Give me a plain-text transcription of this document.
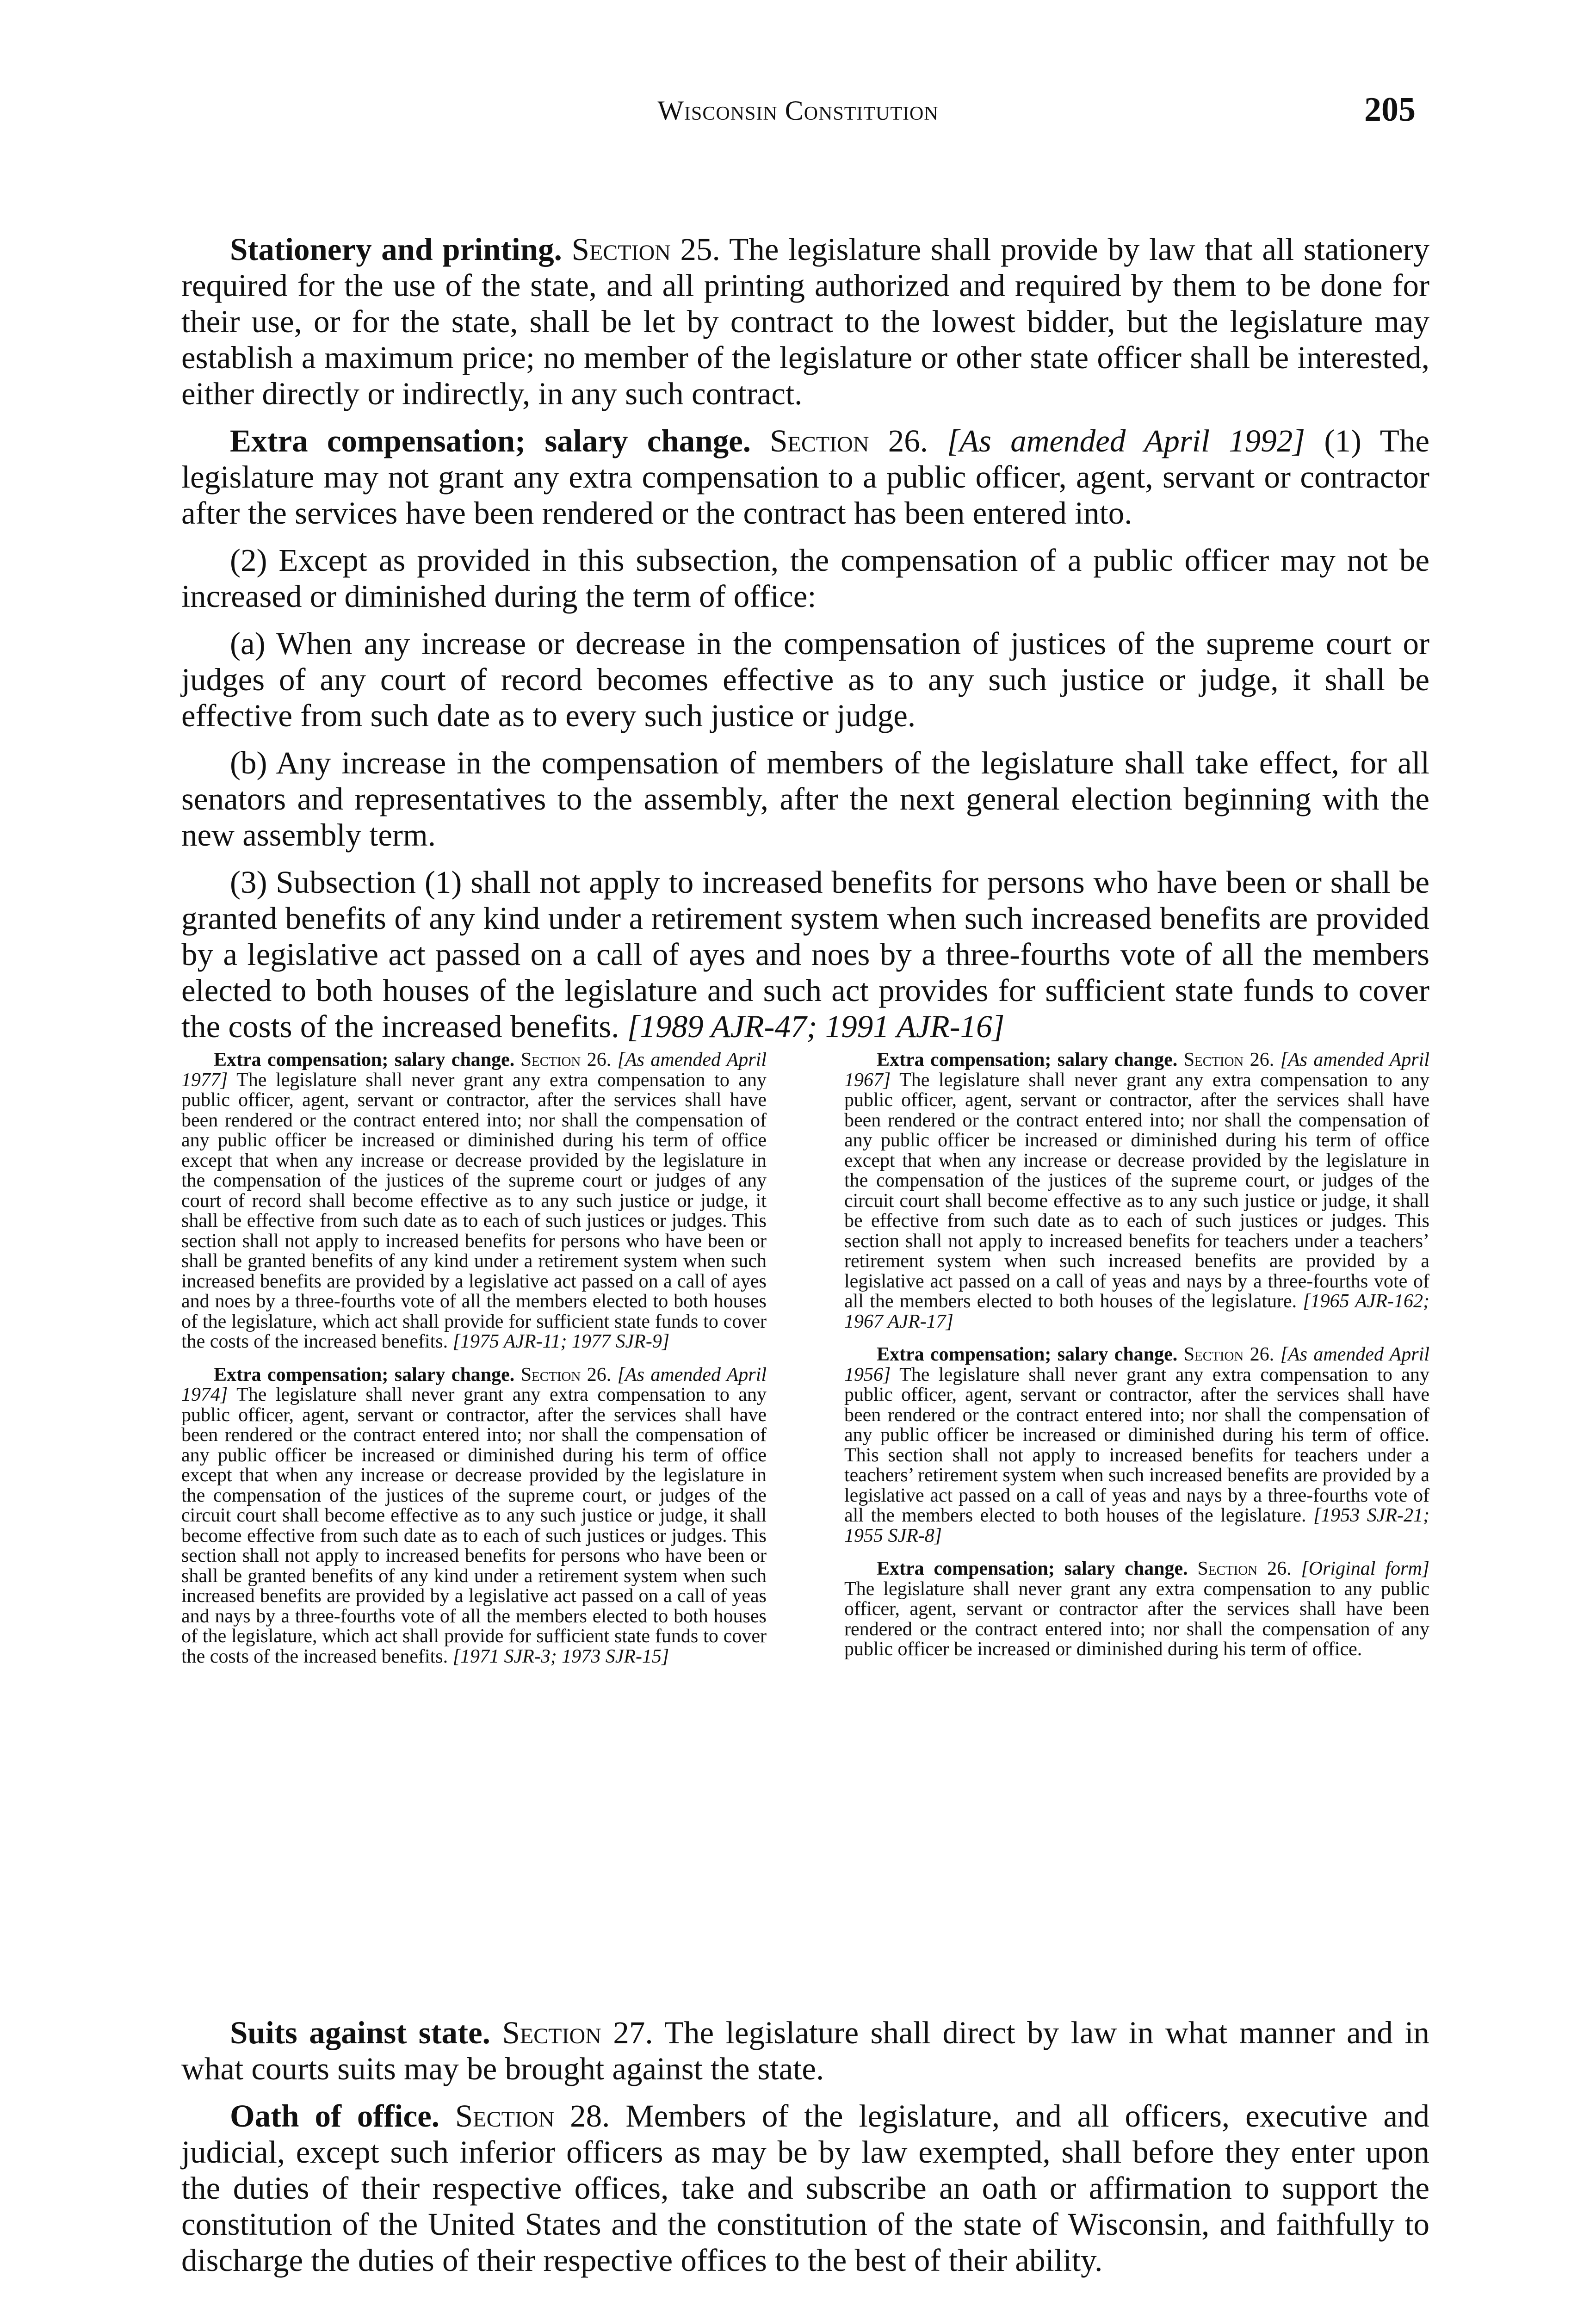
Wisconsin Constitution	205

Stationery and printing. Section 25. The legislature shall provide by law that all stationery required for the use of the state, and all printing authorized and required by them to be done for their use, or for the state, shall be let by contract to the lowest bidder, but the legislature may establish a maximum price; no member of the legislature or other state officer shall be interested, either directly or indirectly, in any such contract.

Extra compensation; salary change. Section 26. [As amended April 1992] (1) The legislature may not grant any extra compensation to a public officer, agent, servant or contractor after the services have been rendered or the contract has been entered into.

(2) Except as provided in this subsection, the compensation of a public officer may not be increased or diminished during the term of office:

(a) When any increase or decrease in the compensation of justices of the supreme court or judges of any court of record becomes effective as to any such justice or judge, it shall be effective from such date as to every such justice or judge.

(b) Any increase in the compensation of members of the legislature shall take effect, for all senators and representatives to the assembly, after the next general election beginning with the new assembly term.

(3) Subsection (1) shall not apply to increased benefits for persons who have been or shall be granted benefits of any kind under a retirement system when such increased benefits are provided by a legislative act passed on a call of ayes and noes by a three-fourths vote of all the members elected to both houses of the legislature and such act provides for sufficient state funds to cover the costs of the increased benefits. [1989 AJR-47; 1991 AJR-16]

Extra compensation; salary change. Section 26. [As amended April 1977] The legislature shall never grant any extra compensation to any public officer, agent, servant or contractor, after the services shall have been rendered or the contract entered into; nor shall the compensation of any public officer be increased or diminished during his term of office except that when any increase or decrease provided by the legislature in the compensation of the justices of the supreme court or judges of any court of record shall become effective as to any such justice or judge, it shall be effective from such date as to each of such justices or judges. This section shall not apply to increased benefits for persons who have been or shall be granted benefits of any kind under a retirement system when such increased benefits are provided by a legislative act passed on a call of ayes and noes by a three-fourths vote of all the members elected to both houses of the legislature, which act shall provide for sufficient state funds to cover the costs of the increased benefits. [1975 AJR-11; 1977 SJR-9]

Extra compensation; salary change. Section 26. [As amended April 1974] The legislature shall never grant any extra compensation to any public officer, agent, servant or contractor, after the services shall have been rendered or the contract entered into; nor shall the compensation of any public officer be increased or diminished during his term of office except that when any increase or decrease provided by the legislature in the compensation of the justices of the supreme court, or judges of the circuit court shall become effective as to any such justice or judge, it shall become effective from such date as to each of such justices or judges. This section shall not apply to increased benefits for persons who have been or shall be granted benefits of any kind under a retirement system when such increased benefits are provided by a legislative act passed on a call of yeas and nays by a three-fourths vote of all the members elected to both houses of the legislature, which act shall provide for sufficient state funds to cover the costs of the increased benefits. [1971 SJR-3; 1973 SJR-15]

Extra compensation; salary change. Section 26. [As amended April 1967] The legislature shall never grant any extra compensation to any public officer, agent, servant or contractor, after the services shall have been rendered or the contract entered into; nor shall the compensation of any public officer be increased or diminished during his term of office except that when any increase or decrease provided by the legislature in the compensation of the justices of the supreme court, or judges of the circuit court shall become effective as to any such justice or judge, it shall be effective from such date as to each of such justices or judges. This section shall not apply to increased benefits for teachers under a teachers’ retirement system when such increased benefits are provided by a legislative act passed on a call of yeas and nays by a three-fourths vote of all the members elected to both houses of the legislature. [1965 AJR-162; 1967 AJR-17]

Extra compensation; salary change. Section 26. [As amended April 1956] The legislature shall never grant any extra compensation to any public officer, agent, servant or contractor, after the services shall have been rendered or the contract entered into; nor shall the compensation of any public officer be increased or diminished during his term of office. This section shall not apply to increased benefits for teachers under a teachers’ retirement system when such increased benefits are provided by a legislative act passed on a call of yeas and nays by a three-fourths vote of all the members elected to both houses of the legislature. [1953 SJR-21; 1955 SJR-8]

Extra compensation; salary change. Section 26. [Original form] The legislature shall never grant any extra compensation to any public officer, agent, servant or contractor after the services shall have been rendered or the contract entered into; nor shall the compensation of any public officer be increased or diminished during his term of office.

Suits against state. Section 27. The legislature shall direct by law in what manner and in what courts suits may be brought against the state.

Oath of office. Section 28. Members of the legislature, and all officers, executive and judicial, except such inferior officers as may be by law exempted, shall before they enter upon the duties of their respective offices, take and subscribe an oath or affirmation to support the constitution of the United States and the constitution of the state of Wisconsin, and faithfully to discharge the duties of their respective offices to the best of their ability.
